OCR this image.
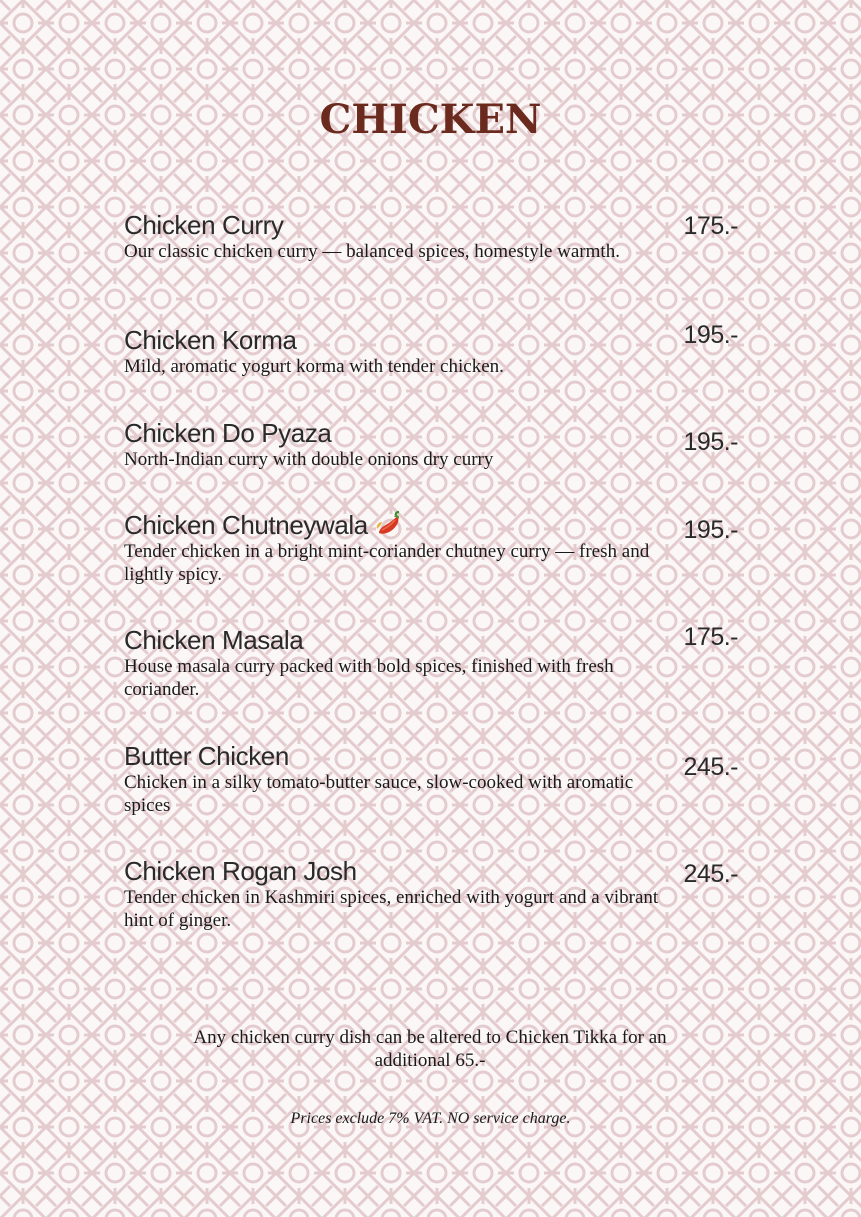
CHICKEN
175.-
Chicken Curry
Our classic chicken curry — balanced spices, homestyle warmth.
195.-
Chicken Korma
Mild, aromatic yogurt korma with tender chicken.
195.-
Chicken Do Pyaza
North-Indian curry with double onions dry curry
195.-
Chicken Chutneywala
Tender chicken in a bright mint-coriander chutney curry — fresh and lightly spicy.
175.-
Chicken Masala
House masala curry packed with bold spices, finished with fresh coriander.
245.-
Butter Chicken
Chicken in a silky tomato-butter sauce, slow-cooked with aromatic spices
245.-
Chicken Rogan Josh
Tender chicken in Kashmiri spices, enriched with yogurt and a vibrant hint of ginger.
Any chicken curry dish can be altered to Chicken Tikka for an additional 65.-
Prices exclude 7% VAT. NO service charge.
